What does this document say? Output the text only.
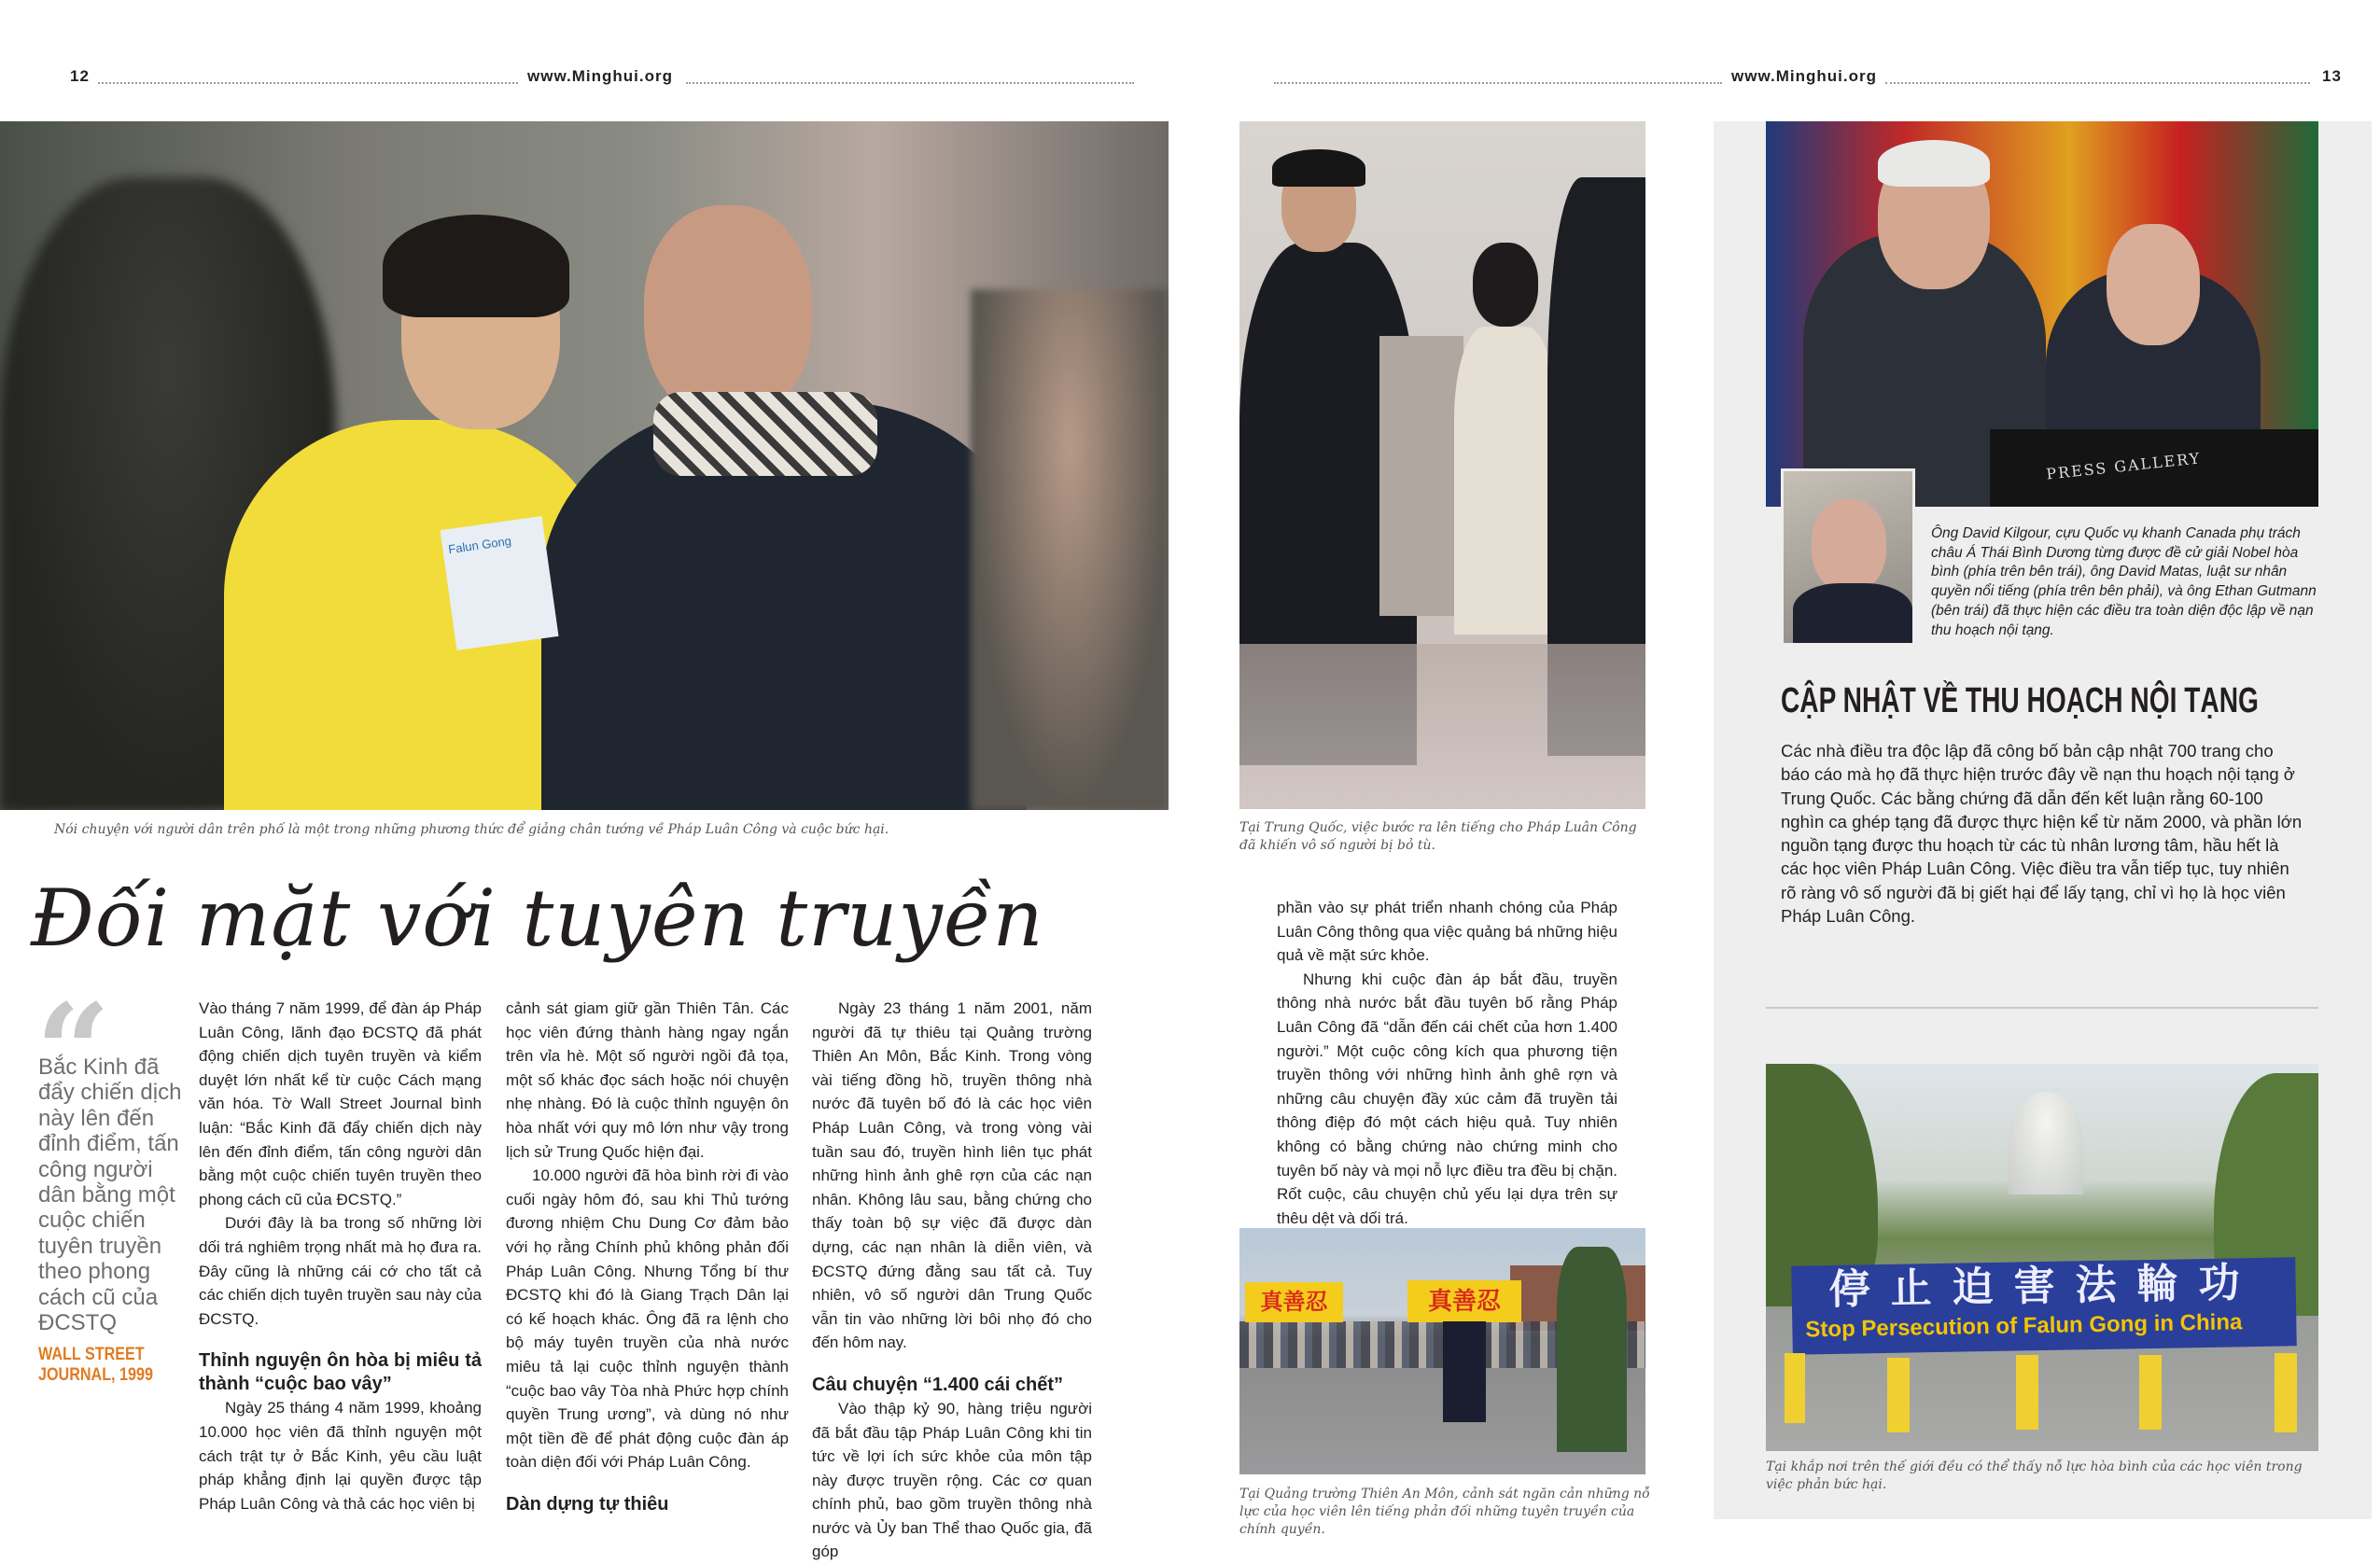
12	www.Minghui.org	www.Minghui.org	13
Falun Gong
Nói chuyện với người dân trên phố là một trong những phương thức để giảng chân tướng về Pháp Luân Công và cuộc bức hại.
Đối mặt với tuyên truyền
Bắc Kinh đã đẩy chiến dịch này lên đến đỉnh điểm, tấn công người dân bằng một cuộc chiến tuyên truyền theo phong cách cũ của ĐCSTQ
WALL STREET JOURNAL, 1999

Vào tháng 7 năm 1999, để đàn áp Pháp Luân Công, lãnh đạo ĐCSTQ đã phát động chiến dịch tuyên truyền và kiểm duyệt lớn nhất kể từ cuộc Cách mạng văn hóa. Tờ Wall Street Journal bình luận: “Bắc Kinh đã đẩy chiến dịch này lên đến đỉnh điểm, tấn công người dân bằng một cuộc chiến tuyên truyền theo phong cách cũ của ĐCSTQ.”

Dưới đây là ba trong số những lời dối trá nghiêm trọng nhất mà họ đưa ra. Đây cũng là những cái cớ cho tất cả các chiến dịch tuyên truyền sau này của ĐCSTQ.

Thỉnh nguyện ôn hòa bị miêu tả thành “cuộc bao vây”

Ngày 25 tháng 4 năm 1999, khoảng 10.000 học viên đã thỉnh nguyện một cách trật tự ở Bắc Kinh, yêu cầu luật pháp khẳng định lại quyền được tập Pháp Luân Công và thả các học viên bị

cảnh sát giam giữ gần Thiên Tân. Các học viên đứng thành hàng ngay ngắn trên vỉa hè. Một số người ngồi đả tọa, một số khác đọc sách hoặc nói chuyện nhẹ nhàng. Đó là cuộc thỉnh nguyện ôn hòa nhất với quy mô lớn như vậy trong lịch sử Trung Quốc hiện đại.

10.000 người đã hòa bình rời đi vào cuối ngày hôm đó, sau khi Thủ tướng đương nhiệm Chu Dung Cơ đảm bảo với họ rằng Chính phủ không phản đối Pháp Luân Công. Nhưng Tổng bí thư ĐCSTQ khi đó là Giang Trạch Dân lại có kế hoạch khác. Ông đã ra lệnh cho bộ máy tuyên truyền của nhà nước miêu tả lại cuộc thỉnh nguyện thành “cuộc bao vây Tòa nhà Phức hợp chính quyền Trung ương”, và dùng nó như một tiền đề để phát động cuộc đàn áp toàn diện đối với Pháp Luân Công.

Dàn dựng tự thiêu

Ngày 23 tháng 1 năm 2001, năm người đã tự thiêu tại Quảng trường Thiên An Môn, Bắc Kinh. Trong vòng vài tiếng đồng hồ, truyền thông nhà nước đã tuyên bố đó là các học viên Pháp Luân Công, và trong vòng vài tuần sau đó, truyền hình liên tục phát những hình ảnh ghê rợn của các nạn nhân. Không lâu sau, bằng chứng cho thấy toàn bộ sự việc đã được dàn dựng, các nạn nhân là diễn viên, và ĐCSTQ đứng đằng sau tất cả. Tuy nhiên, vô số người dân Trung Quốc vẫn tin vào những lời bôi nhọ đó cho đến hôm nay.

Câu chuyện “1.400 cái chết”

Vào thập kỷ 90, hàng triệu người đã bắt đầu tập Pháp Luân Công khi tin tức về lợi ích sức khỏe của môn tập này được truyền rộng. Các cơ quan chính phủ, bao gồm truyền thông nhà nước và Ủy ban Thể thao Quốc gia, đã góp

Tại Trung Quốc, việc bước ra lên tiếng cho Pháp Luân Công đã khiến vô số người bị bỏ tù.

phần vào sự phát triển nhanh chóng của Pháp Luân Công thông qua việc quảng bá những hiệu quả về mặt sức khỏe.

Nhưng khi cuộc đàn áp bắt đầu, truyền thông nhà nước bắt đầu tuyên bố rằng Pháp Luân Công đã “dẫn đến cái chết của hơn 1.400 người.” Một cuộc công kích qua phương tiện truyền thông với những hình ảnh ghê rợn và những câu chuyện đầy xúc cảm đã truyền tải thông điệp đó một cách hiệu quả. Tuy nhiên không có bằng chứng nào chứng minh cho tuyên bố này và mọi nỗ lực điều tra đều bị chặn. Rốt cuộc, câu chuyện chủ yếu lại dựa trên sự thêu dệt và dối trá.

真善忍	真善忍
Tại Quảng trường Thiên An Môn, cảnh sát ngăn cản những nỗ lực của học viên lên tiếng phản đối những tuyên truyền của chính quyền.
PRESS GALLERY
Ông David Kilgour, cựu Quốc vụ khanh Canada phụ trách châu Á Thái Bình Dương từng được đề cử giải Nobel hòa bình (phía trên bên trái), ông David Matas, luật sư nhân quyền nổi tiếng (phía trên bên phải), và ông Ethan Gutmann (bên trái) đã thực hiện các điều tra toàn diện độc lập về nạn thu hoạch nội tạng.
CẬP NHẬT VỀ THU HOẠCH NỘI TẠNG
Các nhà điều tra độc lập đã công bố bản cập nhật 700 trang cho báo cáo mà họ đã thực hiện trước đây về nạn thu hoạch nội tạng ở Trung Quốc. Các bằng chứng đã dẫn đến kết luận rằng 60-100 nghìn ca ghép tạng đã được thực hiện kể từ năm 2000, và phần lớn nguồn tạng được thu hoạch từ các tù nhân lương tâm, hầu hết là các học viên Pháp Luân Công. Việc điều tra vẫn tiếp tục, tuy nhiên rõ ràng vô số người đã bị giết hại để lấy tạng, chỉ vì họ là học viên Pháp Luân Công.
停止迫害法輪功
Stop Persecution of Falun Gong in China
Tại khắp nơi trên thế giới đều có thể thấy nỗ lực hòa bình của các học viên trong việc phản bức hại.
